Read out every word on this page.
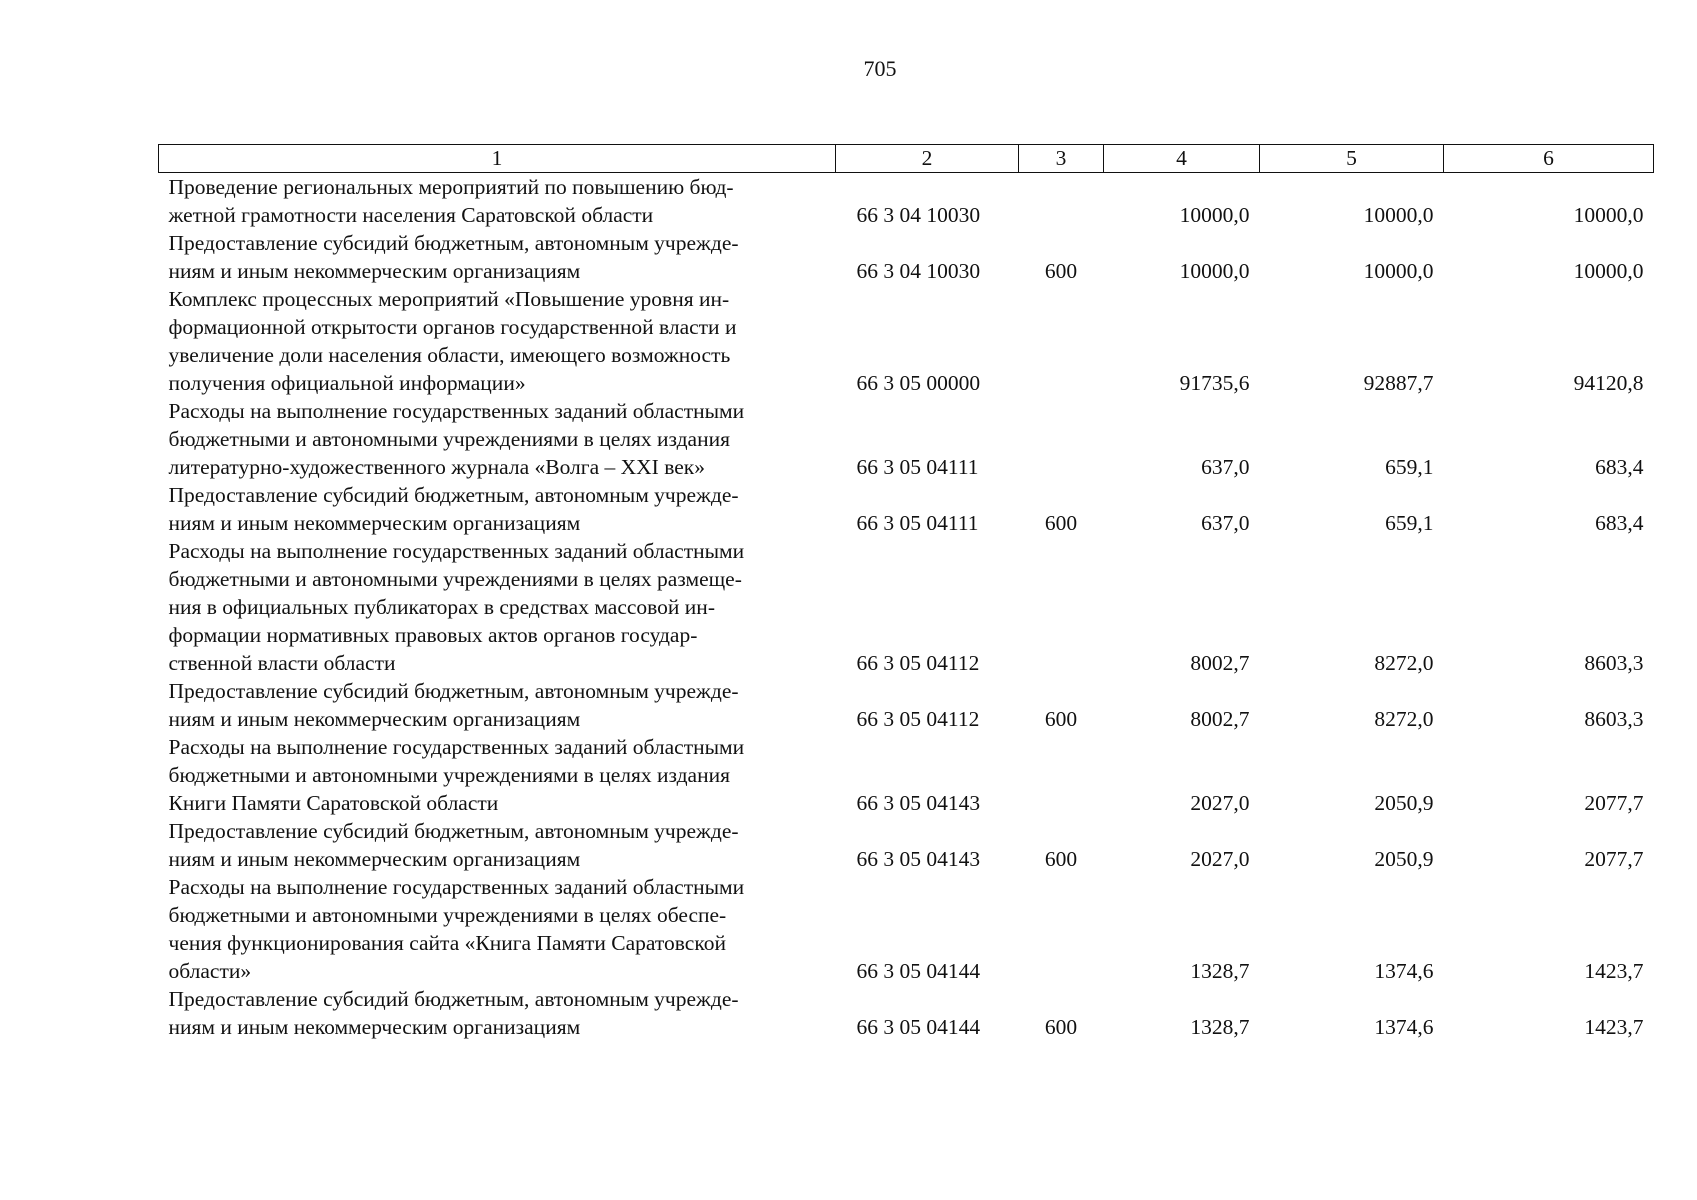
705
1	2	3	4	5	6
Проведение региональных мероприятий по повышению бюд-
жетной грамотности населения Саратовской области	66 3 04 10030		10000,0	10000,0	10000,0
Предоставление субсидий бюджетным, автономным учрежде-
ниям и иным некоммерческим организациям	66 3 04 10030	600	10000,0	10000,0	10000,0
Комплекс процессных мероприятий «Повышение уровня ин-
формационной открытости органов государственной власти и
увеличение доли населения области, имеющего возможность
получения официальной информации»	66 3 05 00000		91735,6	92887,7	94120,8
Расходы на выполнение государственных заданий областными
бюджетными и автономными учреждениями в целях издания
литературно-художественного журнала «Волга – XXI век»	66 3 05 04111		637,0	659,1	683,4
Предоставление субсидий бюджетным, автономным учрежде-
ниям и иным некоммерческим организациям	66 3 05 04111	600	637,0	659,1	683,4
Расходы на выполнение государственных заданий областными
бюджетными и автономными учреждениями в целях размеще-
ния в официальных публикаторах в средствах массовой ин-
формации нормативных правовых актов органов государ-
ственной власти области	66 3 05 04112		8002,7	8272,0	8603,3
Предоставление субсидий бюджетным, автономным учрежде-
ниям и иным некоммерческим организациям	66 3 05 04112	600	8002,7	8272,0	8603,3
Расходы на выполнение государственных заданий областными
бюджетными и автономными учреждениями в целях издания
Книги Памяти Саратовской области	66 3 05 04143		2027,0	2050,9	2077,7
Предоставление субсидий бюджетным, автономным учрежде-
ниям и иным некоммерческим организациям	66 3 05 04143	600	2027,0	2050,9	2077,7
Расходы на выполнение государственных заданий областными
бюджетными и автономными учреждениями в целях обеспе-
чения функционирования сайта «Книга Памяти Саратовской
области»	66 3 05 04144		1328,7	1374,6	1423,7
Предоставление субсидий бюджетным, автономным учрежде-
ниям и иным некоммерческим организациям	66 3 05 04144	600	1328,7	1374,6	1423,7
